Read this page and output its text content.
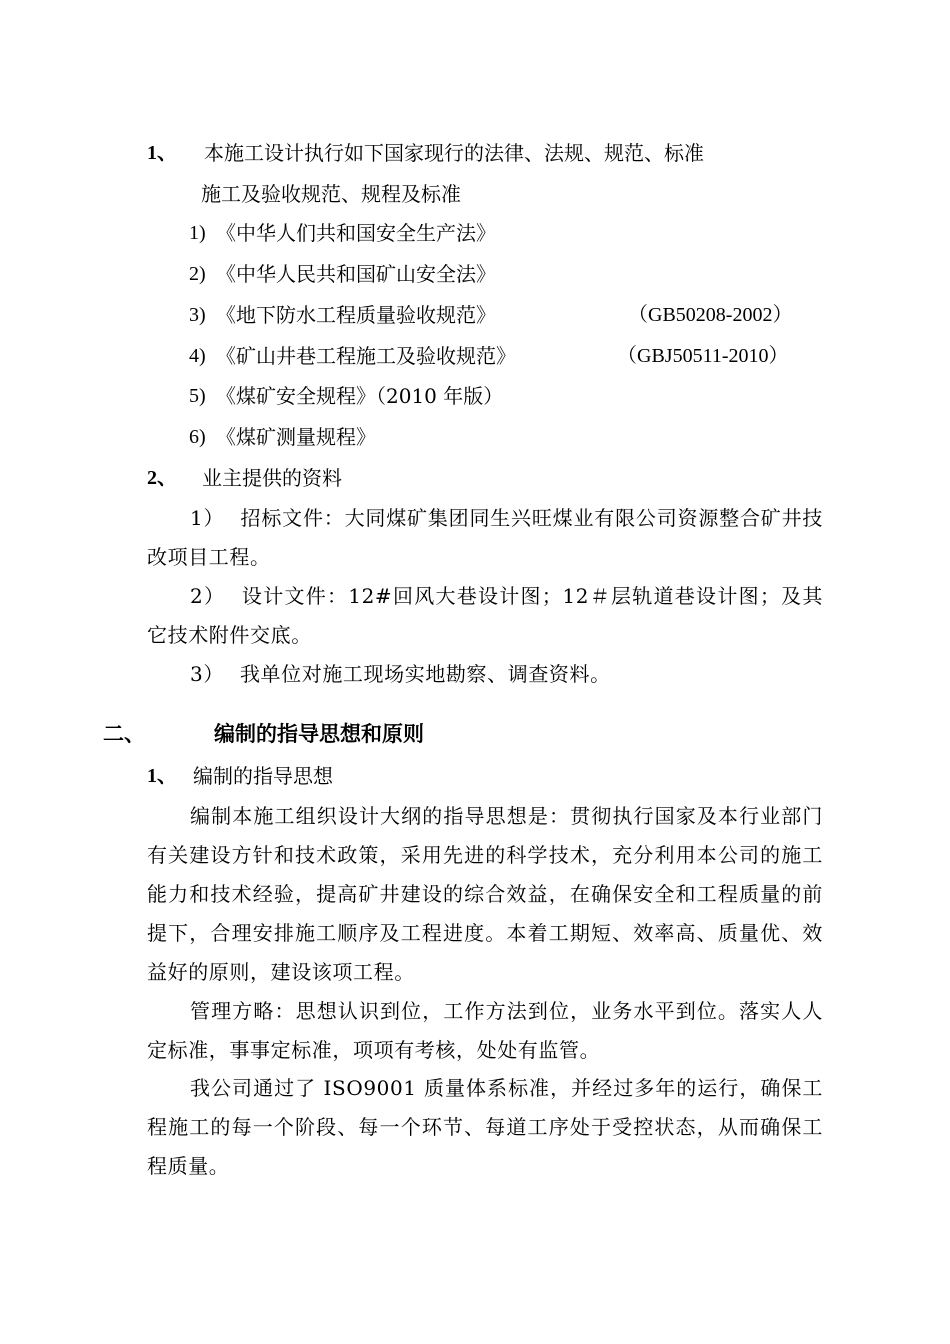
1、 本施工设计执行如下国家现行的法律、法规、规范、标准
施工及验收规范、规程及标准
1) 《中华人们共和国安全生产法》
2) 《中华人民共和国矿山安全法》
3) 《地下防水工程质量验收规范》	（GB50208-2002）
4) 《矿山井巷工程施工及验收规范》	（GBJ50511-2010）
5) 《煤矿安全规程》（2010 年版）
6) 《煤矿测量规程》
2、 业主提供的资料
1） 招标文件：大同煤矿集团同生兴旺煤业有限公司资源整合矿井技改项目工程。
2） 设计文件：12#回风大巷设计图；12＃层轨道巷设计图；及其它技术附件交底。
3） 我单位对施工现场实地勘察、调查资料。
二、	编制的指导思想和原则
1、 编制的指导思想
编制本施工组织设计大纲的指导思想是：贯彻执行国家及本行业部门有关建设方针和技术政策，采用先进的科学技术，充分利用本公司的施工能力和技术经验，提高矿井建设的综合效益，在确保安全和工程质量的前提下，合理安排施工顺序及工程进度。本着工期短、效率高、质量优、效益好的原则，建设该项工程。
管理方略：思想认识到位，工作方法到位，业务水平到位。落实人人定标准，事事定标准，项项有考核，处处有监管。
我公司通过了 ISO9001 质量体系标准，并经过多年的运行，确保工程施工的每一个阶段、每一个环节、每道工序处于受控状态，从而确保工程质量。
